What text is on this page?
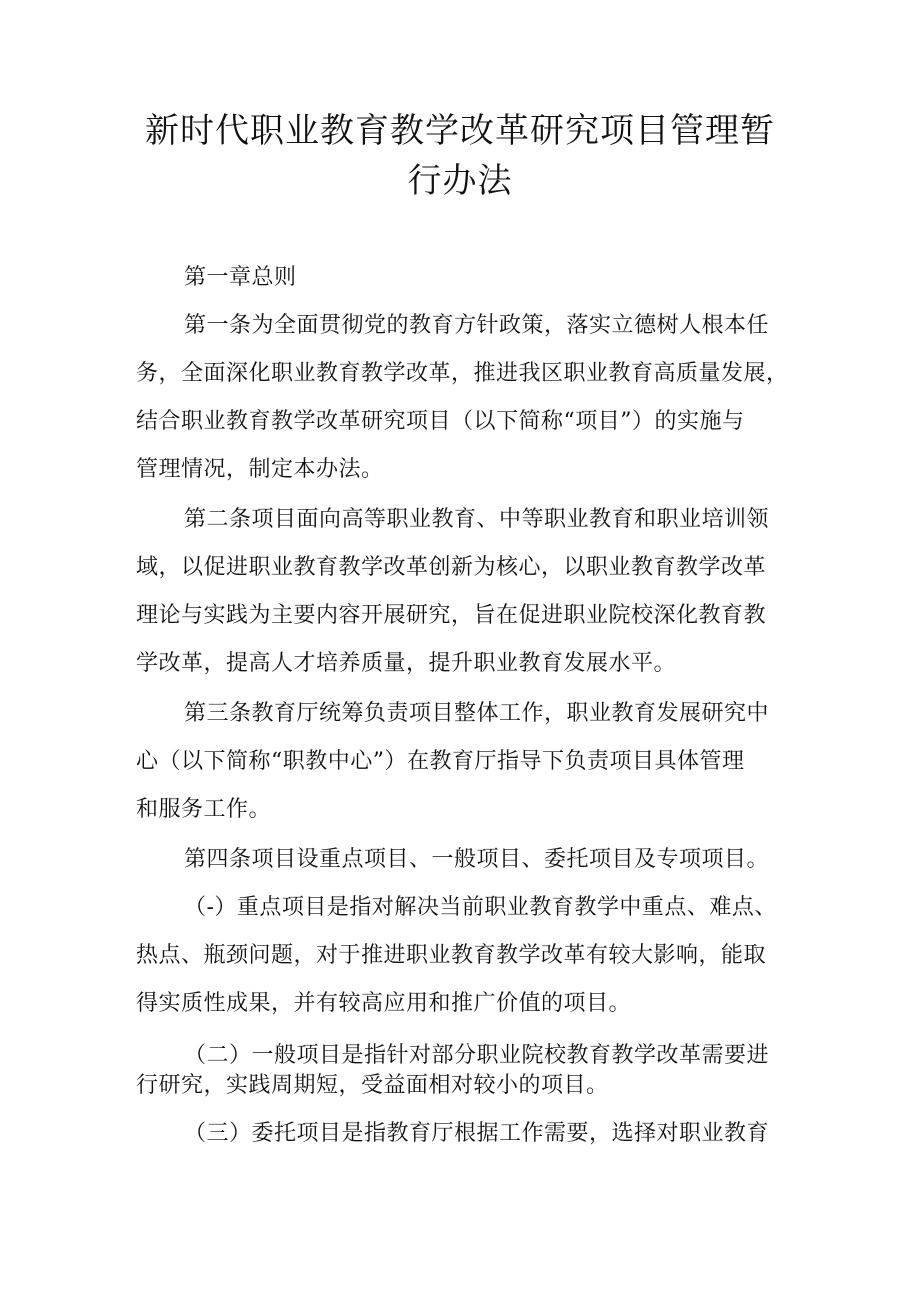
新时代职业教育教学改革研究项目管理暂
行办法

第一章总则

第一条为全面贯彻党的教育方针政策，落实立德树人根本任

务，全面深化职业教育教学改革，推进我区职业教育高质量发展，

结合职业教育教学改革研究项目（以下简称“项目”）的实施与

管理情况，制定本办法。

第二条项目面向高等职业教育、中等职业教育和职业培训领

域，以促进职业教育教学改革创新为核心，以职业教育教学改革

理论与实践为主要内容开展研究，旨在促进职业院校深化教育教

学改革，提高人才培养质量，提升职业教育发展水平。

第三条教育厅统筹负责项目整体工作，职业教育发展研究中

心（以下简称“职教中心”）在教育厅指导下负责项目具体管理

和服务工作。

第四条项目设重点项目、一般项目、委托项目及专项项目。

（-）重点项目是指对解决当前职业教育教学中重点、难点、

热点、瓶颈问题，对于推进职业教育教学改革有较大影响，能取

得实质性成果，并有较高应用和推广价值的项目。

（二）一般项目是指针对部分职业院校教育教学改革需要进

行研究，实践周期短，受益面相对较小的项目。

（三）委托项目是指教育厅根据工作需要，选择对职业教育
